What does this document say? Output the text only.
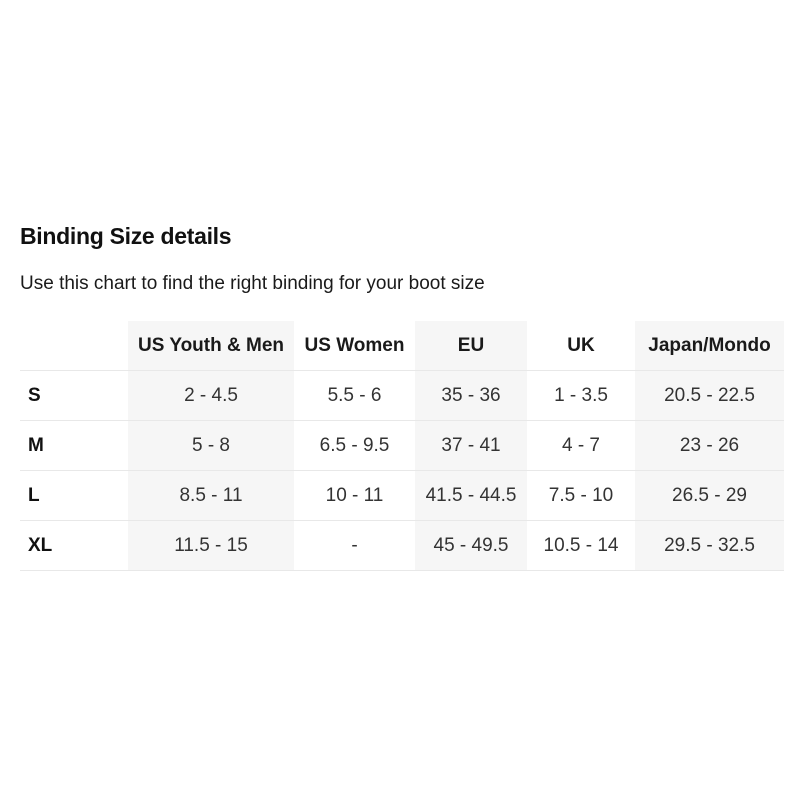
Binding Size details

Use this chart to find the right binding for your boot size

	US Youth & Men	US Women	EU	UK	Japan/Mondo
S	2 - 4.5	5.5 - 6	35 - 36	1 - 3.5	20.5 - 22.5
M	5 - 8	6.5 - 9.5	37 - 41	4 - 7	23 - 26
L	8.5 - 11	10 - 11	41.5 - 44.5	7.5 - 10	26.5 - 29
XL	11.5 - 15	-	45 - 49.5	10.5 - 14	29.5 - 32.5
